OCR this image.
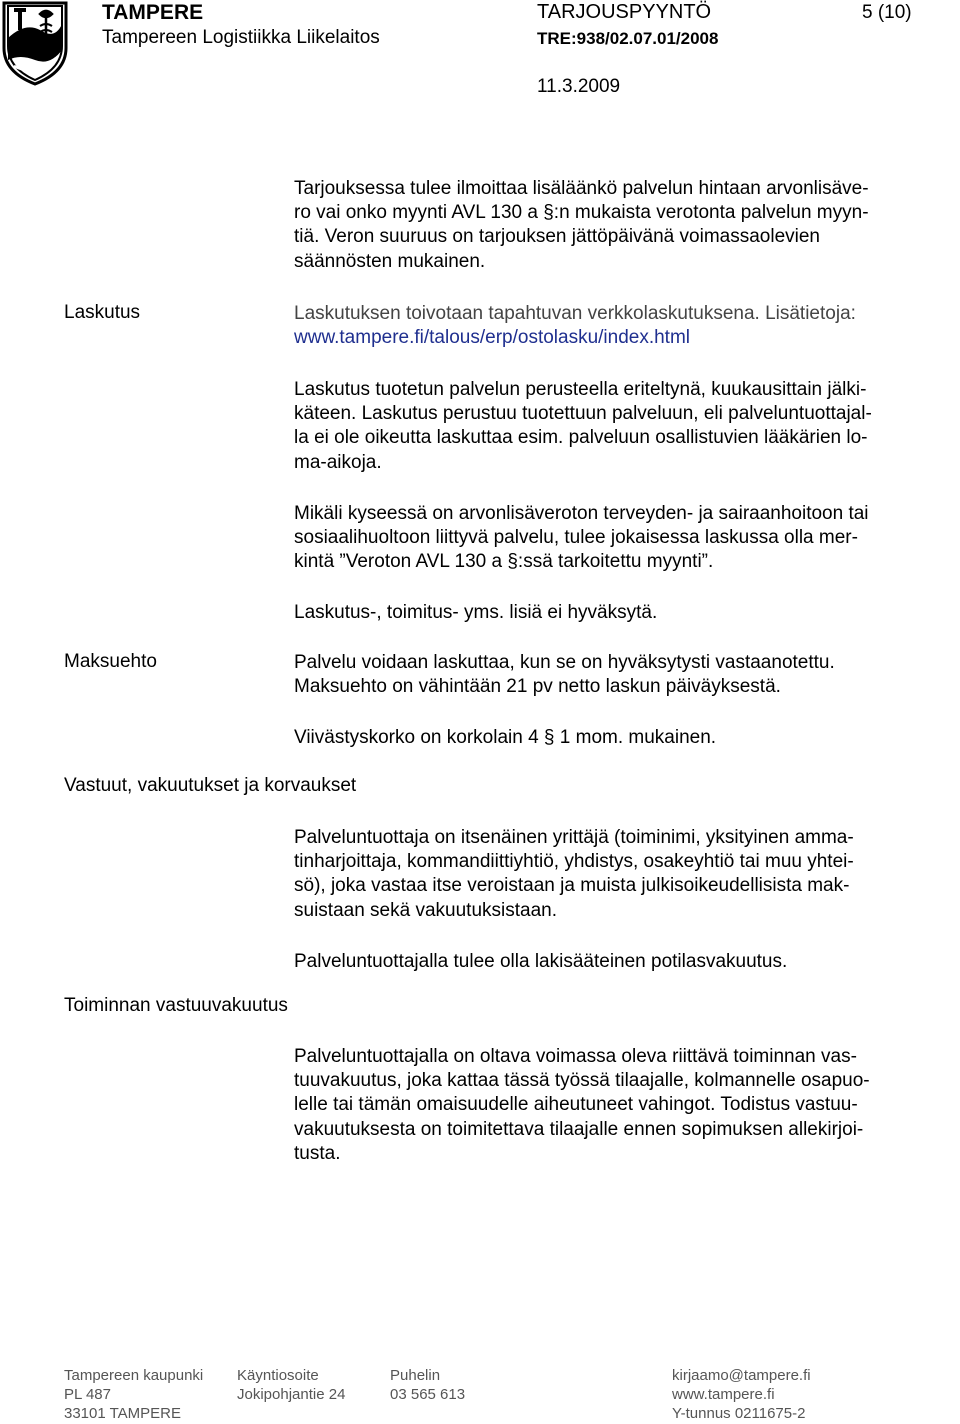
TAMPERE
Tampereen Logistiikka Liikelaitos
TARJOUSPYYNTÖ
TRE:938/02.07.01/2008
5 (10)
11.3.2009
Tarjouksessa tulee ilmoittaa lisäläänkö palvelun hintaan arvonlisäve-
ro vai onko myynti AVL 130 a §:n mukaista verotonta palvelun myyn-
tiä. Veron suuruus on tarjouksen jättöpäivänä voimassaolevien
säännösten mukainen.
Laskutus	Laskutuksen toivotaan tapahtuvan verkkolaskutuksena. Lisätietoja:
www.tampere.fi/talous/erp/ostolasku/index.html
Laskutus tuotetun palvelun perusteella eriteltynä, kuukausittain jälki-
käteen. Laskutus perustuu tuotettuun palveluun, eli palveluntuottajal-
la ei ole oikeutta laskuttaa esim. palveluun osallistuvien lääkärien lo-
ma-aikoja.
Mikäli kyseessä on arvonlisäveroton terveyden- ja sairaanhoitoon tai
sosiaalihuoltoon liittyvä palvelu, tulee jokaisessa laskussa olla mer-
kintä ”Veroton AVL 130 a §:ssä tarkoitettu myynti”.
Laskutus-, toimitus- yms. lisiä ei hyväksytä.
Maksuehto	Palvelu voidaan laskuttaa, kun se on hyväksytysti vastaanotettu.
Maksuehto on vähintään 21 pv netto laskun päiväyksestä.
Viivästyskorko on korkolain 4 § 1 mom. mukainen.
Vastuut, vakuutukset ja korvaukset
Palveluntuottaja on itsenäinen yrittäjä (toiminimi, yksityinen amma-
tinharjoittaja, kommandiittiyhtiö, yhdistys, osakeyhtiö tai muu yhtei-
sö), joka vastaa itse veroistaan ja muista julkisoikeudellisista mak-
suistaan sekä vakuutuksistaan.
Palveluntuottajalla tulee olla lakisääteinen potilasvakuutus.
Toiminnan vastuuvakuutus
Palveluntuottajalla on oltava voimassa oleva riittävä toiminnan vas-
tuuvakuutus, joka kattaa tässä työssä tilaajalle, kolmannelle osapuo-
lelle tai tämän omaisuudelle aiheutuneet vahingot. Todistus vastuu-
vakuutuksesta on toimitettava tilaajalle ennen sopimuksen allekirjoi-
tusta.
Tampereen kaupunki
PL 487
33101 TAMPERE
Käyntiosoite
Jokipohjantie 24
Puhelin
03 565 613
kirjaamo@tampere.fi
www.tampere.fi
Y-tunnus 0211675-2
